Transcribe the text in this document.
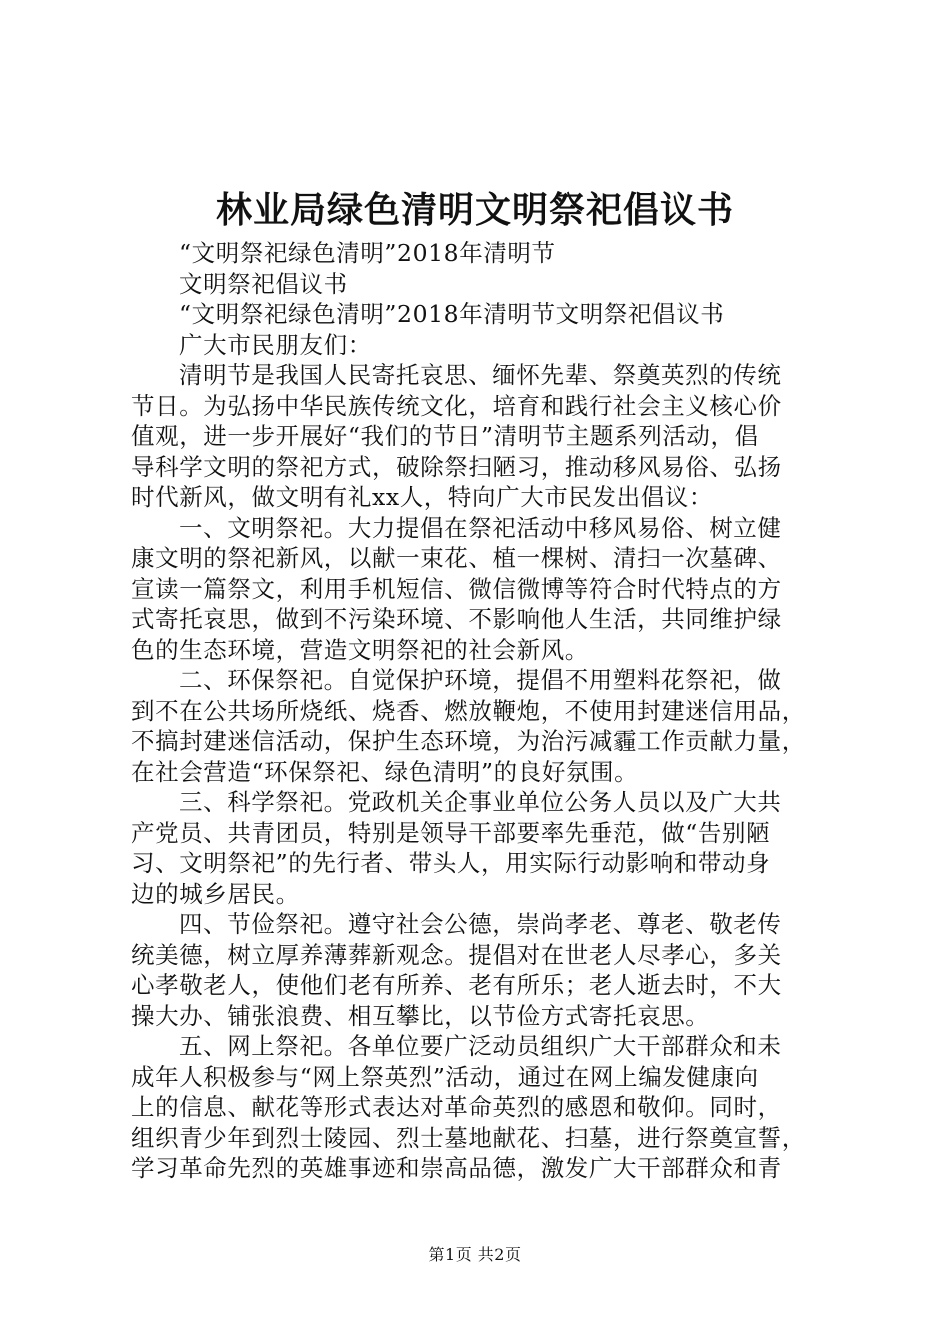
林业局绿色清明文明祭祀倡议书
“文明祭祀绿色清明”2018年清明节
文明祭祀倡议书
“文明祭祀绿色清明”2018年清明节文明祭祀倡议书
广大市民朋友们：
清明节是我国人民寄托哀思、缅怀先辈、祭奠英烈的传统
节日。为弘扬中华民族传统文化，培育和践行社会主义核心价
值观，进一步开展好“我们的节日”清明节主题系列活动，倡
导科学文明的祭祀方式，破除祭扫陋习，推动移风易俗、弘扬
时代新风，做文明有礼xx人，特向广大市民发出倡议：
一、文明祭祀。大力提倡在祭祀活动中移风易俗、树立健
康文明的祭祀新风，以献一束花、植一棵树、清扫一次墓碑、
宣读一篇祭文，利用手机短信、微信微博等符合时代特点的方
式寄托哀思，做到不污染环境、不影响他人生活，共同维护绿
色的生态环境，营造文明祭祀的社会新风。
二、环保祭祀。自觉保护环境，提倡不用塑料花祭祀，做
到不在公共场所烧纸、烧香、燃放鞭炮，不使用封建迷信用品，
不搞封建迷信活动，保护生态环境，为治污减霾工作贡献力量，
在社会营造“环保祭祀、绿色清明”的良好氛围。
三、科学祭祀。党政机关企事业单位公务人员以及广大共
产党员、共青团员，特别是领导干部要率先垂范，做“告别陋
习、文明祭祀”的先行者、带头人，用实际行动影响和带动身
边的城乡居民。
四、节俭祭祀。遵守社会公德，崇尚孝老、尊老、敬老传
统美德，树立厚养薄葬新观念。提倡对在世老人尽孝心，多关
心孝敬老人，使他们老有所养、老有所乐；老人逝去时，不大
操大办、铺张浪费、相互攀比，以节俭方式寄托哀思。
五、网上祭祀。各单位要广泛动员组织广大干部群众和未
成年人积极参与“网上祭英烈”活动，通过在网上编发健康向
上的信息、献花等形式表达对革命英烈的感恩和敬仰。同时，
组织青少年到烈士陵园、烈士墓地献花、扫墓，进行祭奠宣誓，
学习革命先烈的英雄事迹和崇高品德，激发广大干部群众和青
第1页 共2页
